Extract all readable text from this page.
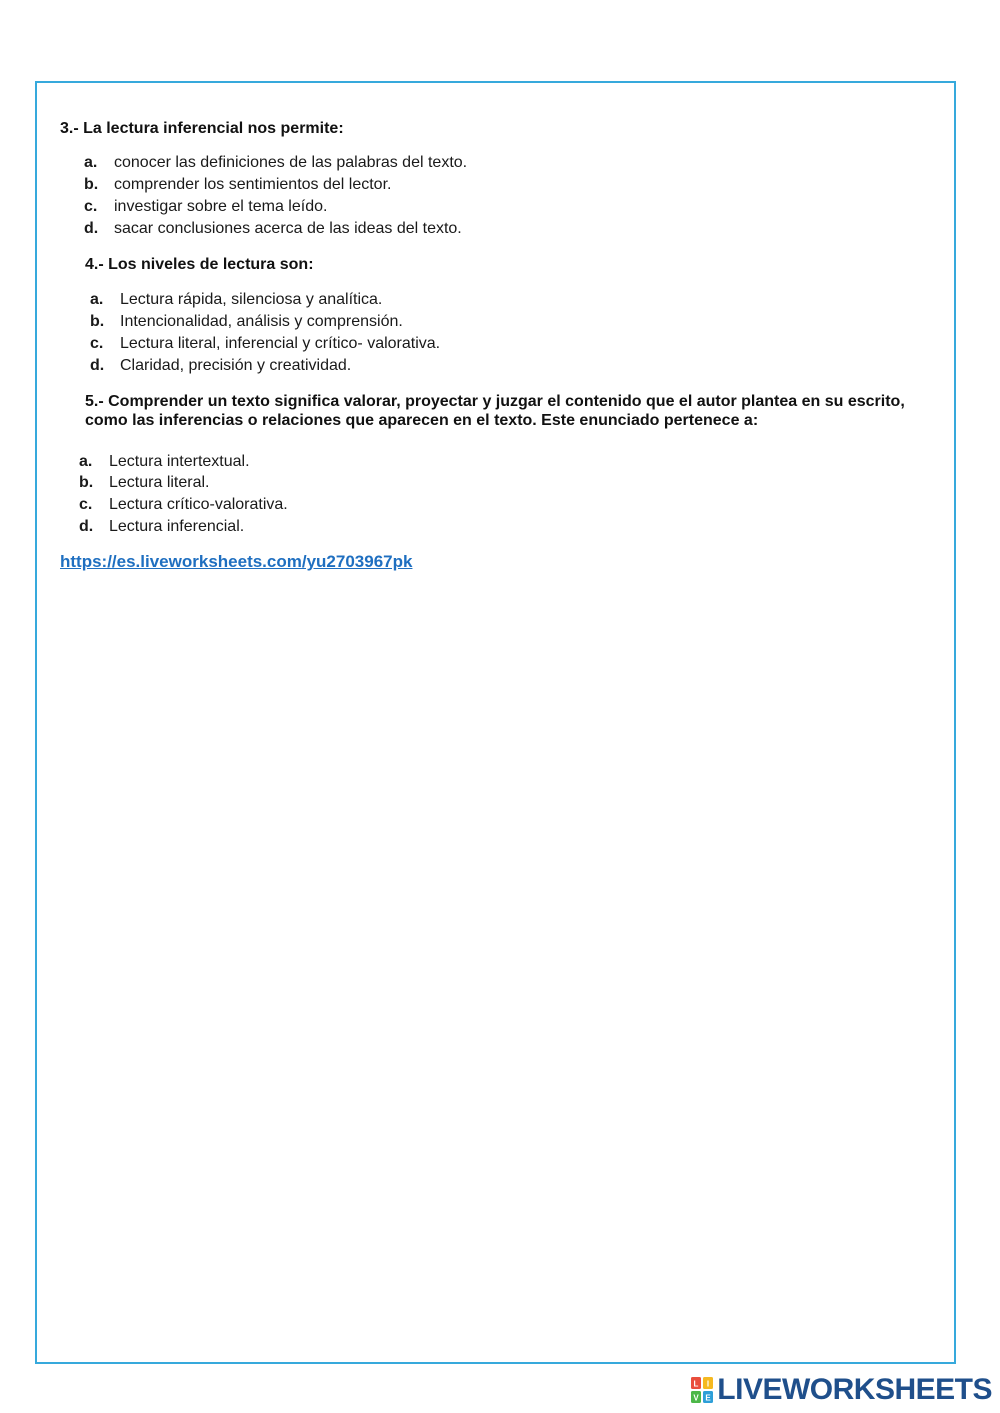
3.- La lectura inferencial nos permite:
a. conocer las definiciones de las palabras del texto.
b. comprender los sentimientos del lector.
c. investigar sobre el tema leído.
d. sacar conclusiones acerca de las ideas del texto.
4.- Los niveles de lectura son:
a. Lectura rápida, silenciosa y analítica.
b. Intencionalidad, análisis y comprensión.
c. Lectura literal, inferencial y crítico- valorativa.
d. Claridad, precisión y creatividad.
5.- Comprender un texto significa valorar, proyectar y juzgar el contenido que el autor plantea en su escrito, como las inferencias o relaciones que aparecen en el texto. Este enunciado pertenece a:
a. Lectura intertextual.
b. Lectura literal.
c. Lectura crítico-valorativa.
d. Lectura inferencial.
https://es.liveworksheets.com/yu2703967pk
L I
V E LIVEWORKSHEETS
